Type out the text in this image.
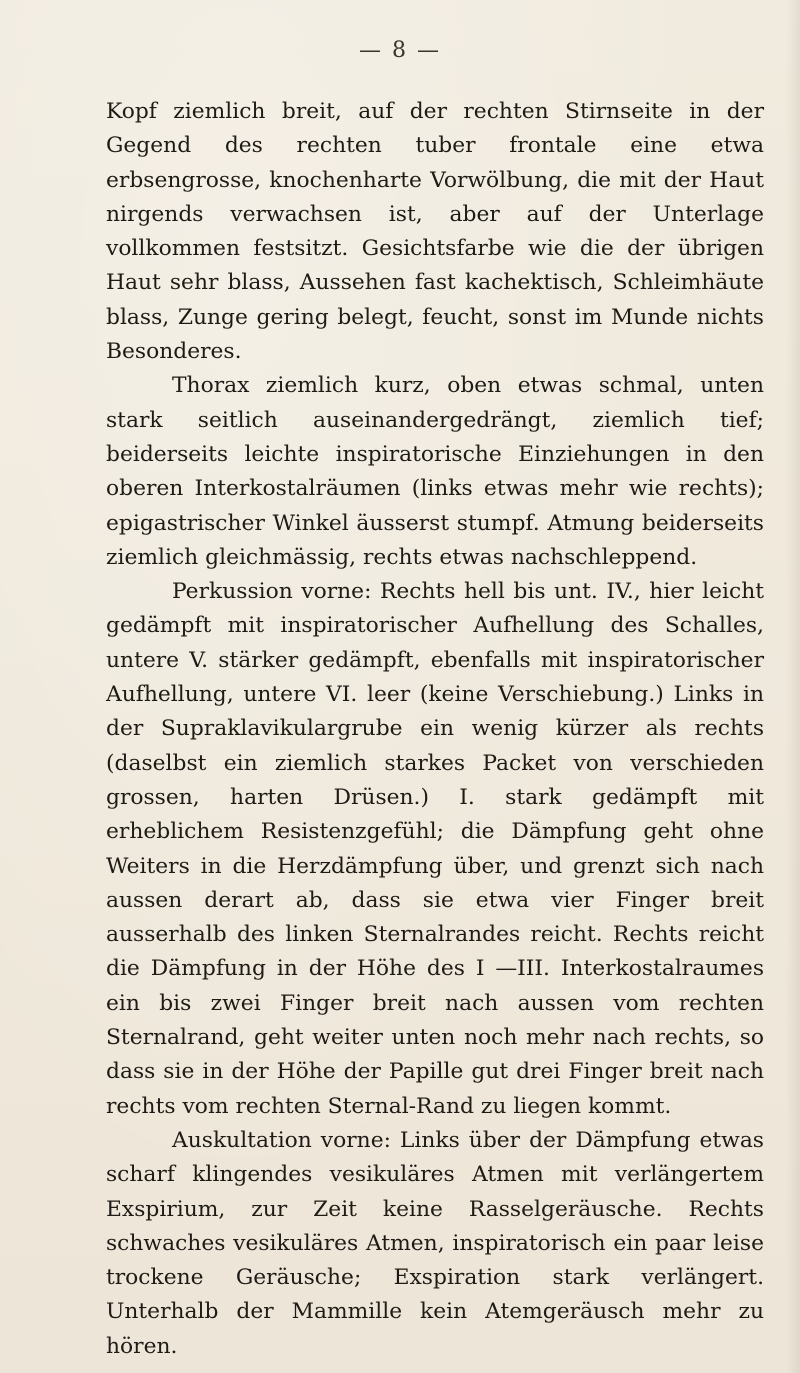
— 8 —

Kopf ziemlich breit, auf der rechten Stirnseite in der Gegend des rechten tuber frontale eine etwa erbsengrosse, knochenharte Vorwölbung, die mit der Haut nirgends verwachsen ist, aber auf der Unterlage vollkommen festsitzt. Gesichtsfarbe wie die der übrigen Haut sehr blass, Aussehen fast kachektisch, Schleimhäute blass, Zunge gering belegt, feucht, sonst im Munde nichts Besonderes.

Thorax ziemlich kurz, oben etwas schmal, unten stark seitlich auseinandergedrängt, ziemlich tief; beiderseits leichte inspiratorische Einziehungen in den oberen Interkostalräumen (links etwas mehr wie rechts); epigastrischer Winkel äusserst stumpf. Atmung beiderseits ziemlich gleichmässig, rechts etwas nachschleppend.

Perkussion vorne: Rechts hell bis unt. IV., hier leicht gedämpft mit inspiratorischer Aufhellung des Schalles, untere V. stärker gedämpft, ebenfalls mit inspiratorischer Aufhellung, untere VI. leer (keine Verschiebung.) Links in der Supraklavikulargrube ein wenig kürzer als rechts (daselbst ein ziemlich starkes Packet von verschieden grossen, harten Drüsen.) I. stark gedämpft mit erheblichem Resistenzgefühl; die Dämpfung geht ohne Weiters in die Herzdämpfung über, und grenzt sich nach aussen derart ab, dass sie etwa vier Finger breit ausserhalb des linken Sternalrandes reicht. Rechts reicht die Dämpfung in der Höhe des I —III. Interkostalraumes ein bis zwei Finger breit nach aussen vom rechten Sternalrand, geht weiter unten noch mehr nach rechts, so dass sie in der Höhe der Papille gut drei Finger breit nach rechts vom rechten Sternal-Rand zu liegen kommt.

Auskultation vorne: Links über der Dämpfung etwas scharf klingendes vesikuläres Atmen mit verlängertem Exspirium, zur Zeit keine Rasselgeräusche. Rechts schwaches vesikuläres Atmen, inspiratorisch ein paar leise trockene Geräusche; Exspiration stark verlängert. Unterhalb der Mammille kein Atemgeräusch mehr zu hören.
